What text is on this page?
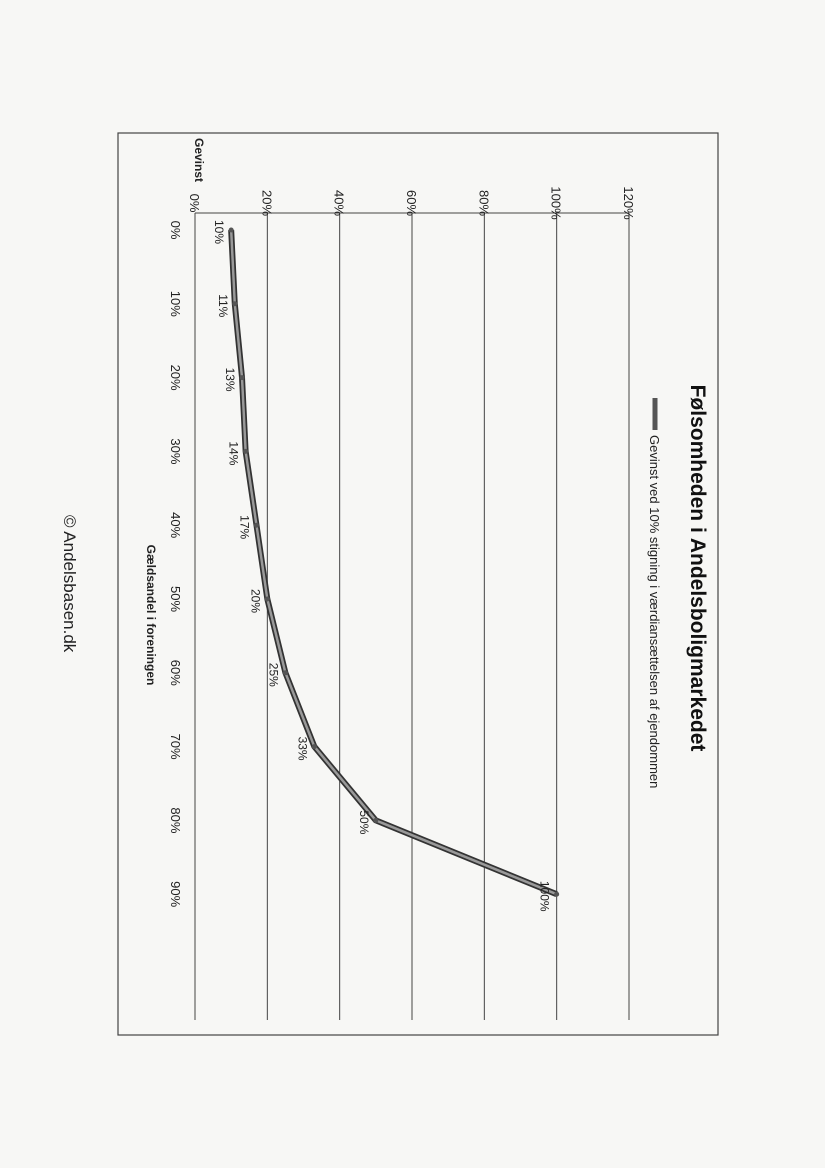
0%	20%	40%	60%	80%	100%	120%
0%
10%
20%
30%
40%
50%
60%
70%
80%
90%
10%
11%
13%
14%
17%
20%
25%
33%
50%
100%
Følsomheden i Andelsboligmarkedet
Gevinst ved 10% stigning i værdiansættelsen af ejendommen
Gevinst
Gældsandel i foreningen
© Andelsbasen.dk
